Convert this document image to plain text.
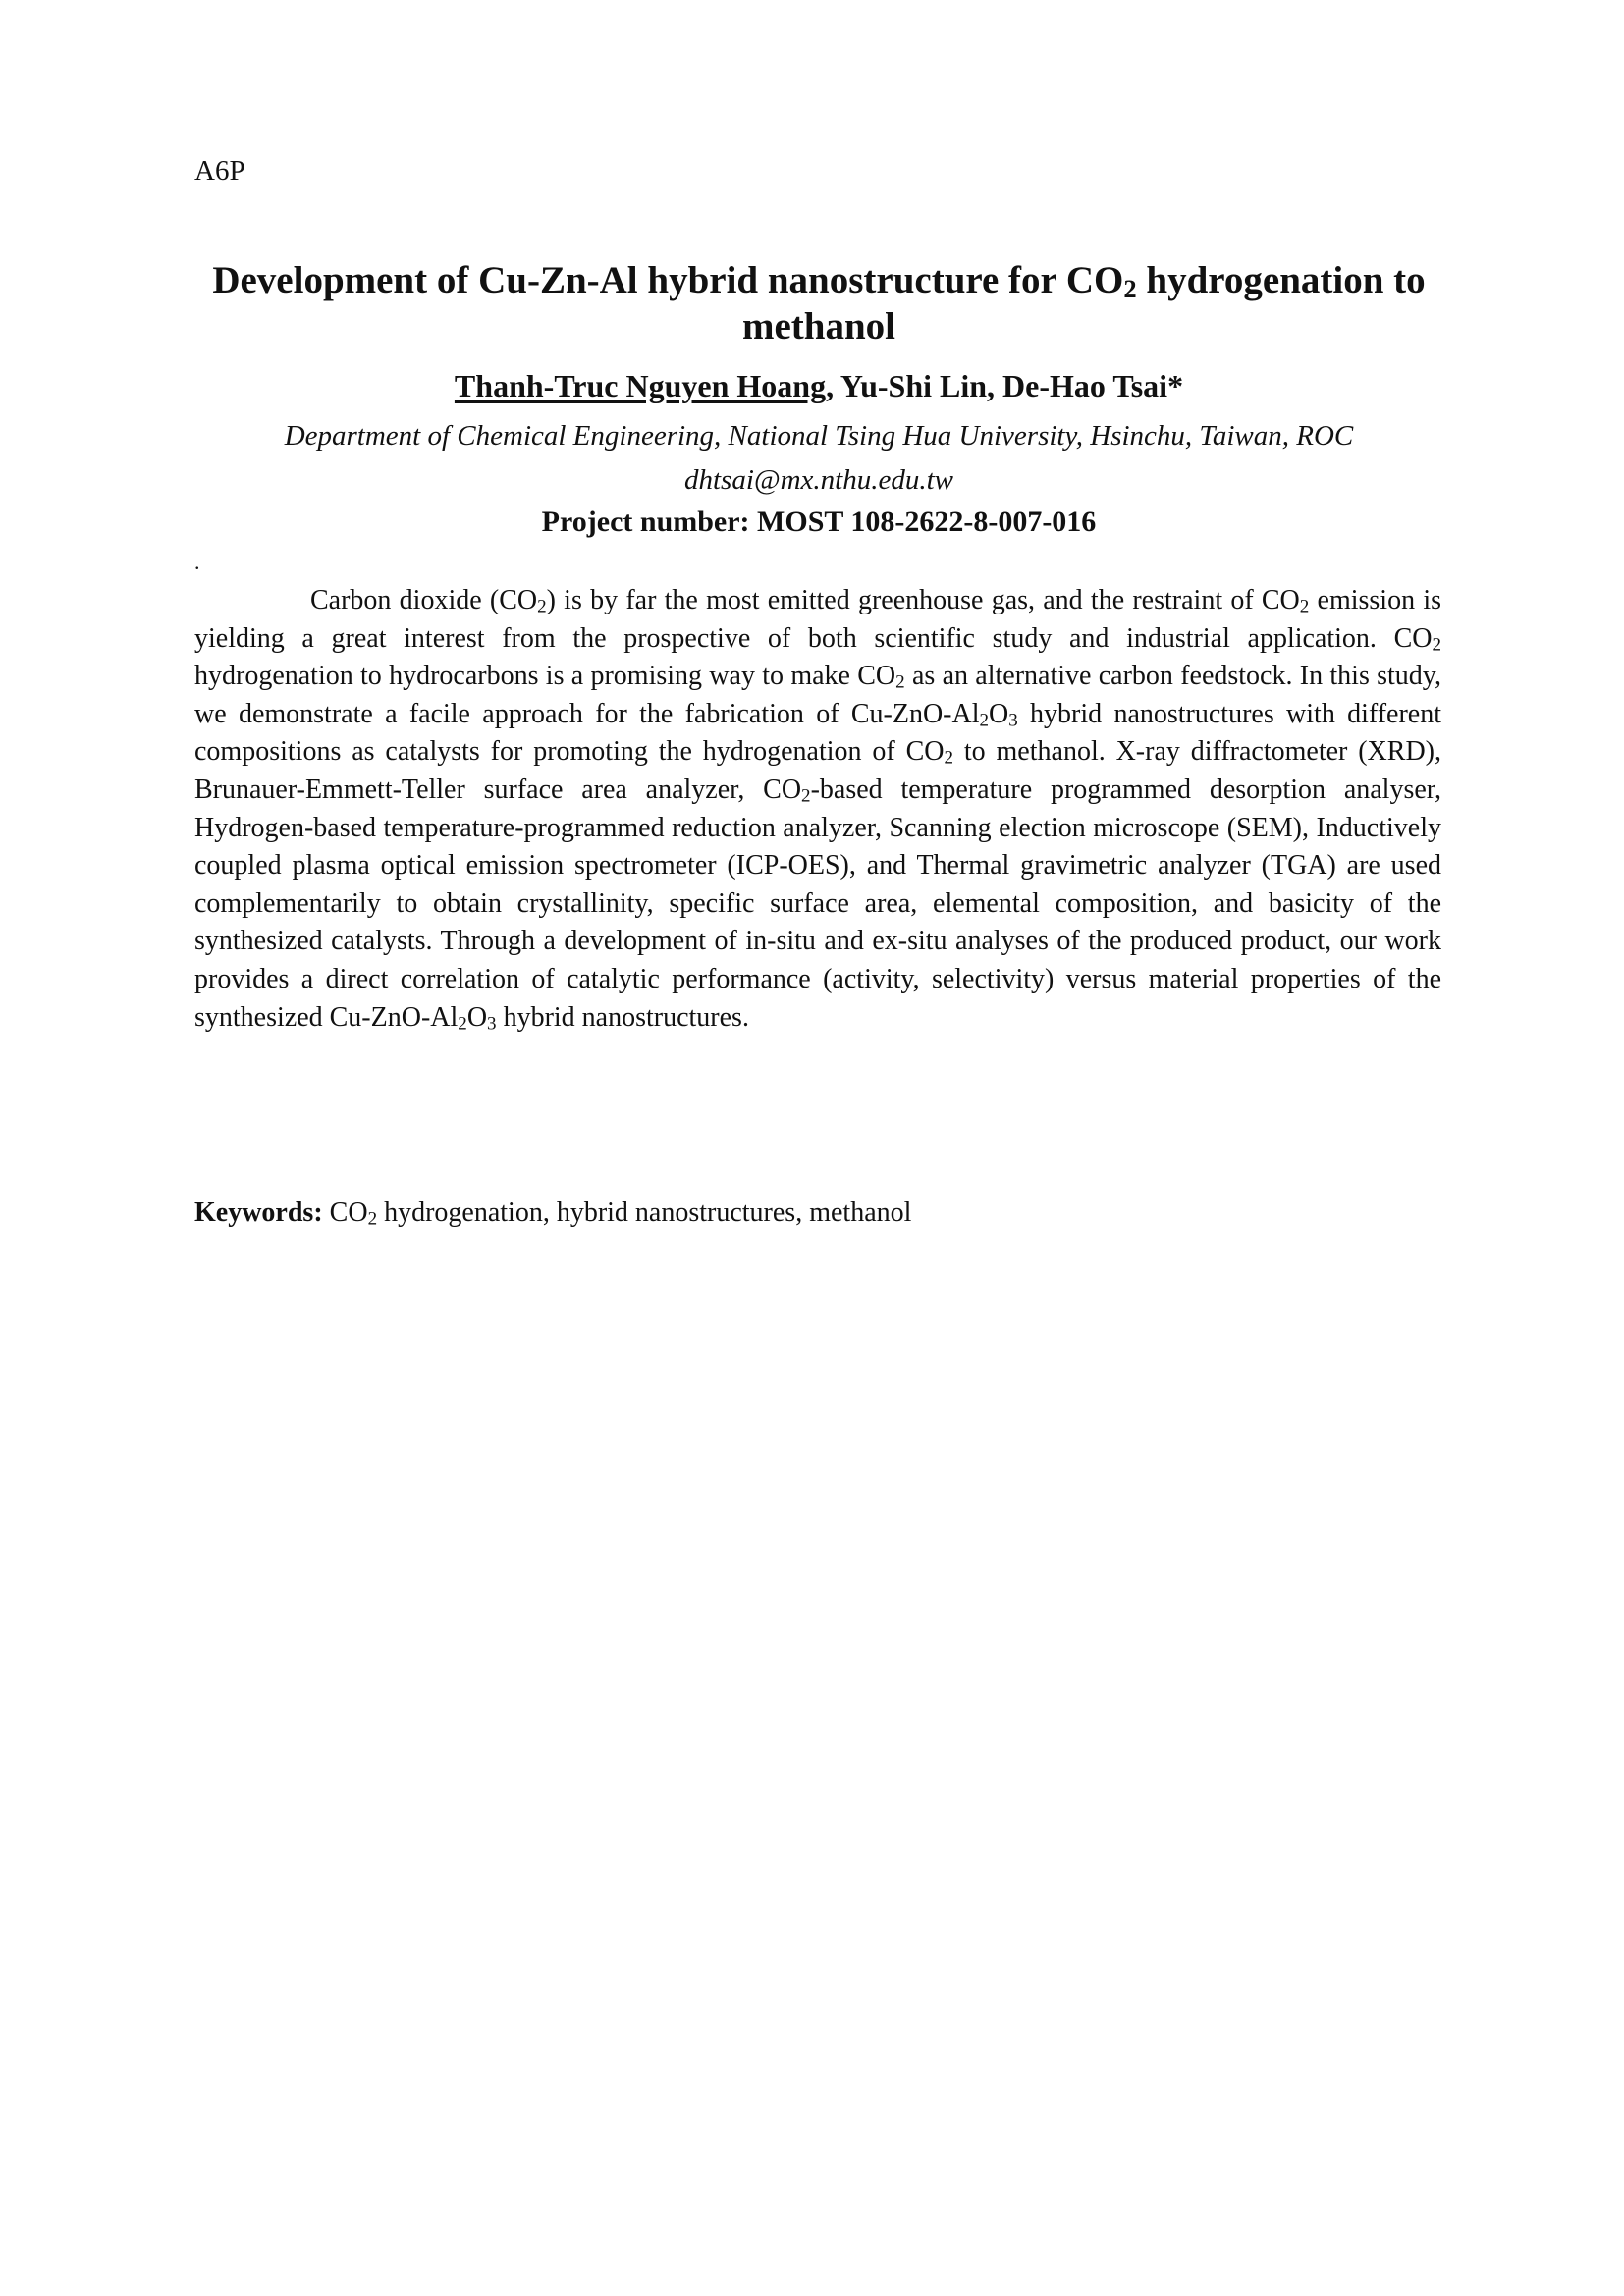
A6P
Development of Cu-Zn-Al hybrid nanostructure for $CO_2$ hydrogenation to methanol
Thanh-Truc Nguyen Hoang, Yu-Shi Lin, De-Hao Tsai*
Department of Chemical Engineering, National Tsing Hua University, Hsinchu, Taiwan, ROC
dhtsai@mx.nthu.edu.tw
Project number: MOST 108-2622-8-007-016
.

Carbon dioxide $(CO_2)$ is by far the most emitted greenhouse gas, and the restraint of $CO_2$ emission is yielding a great interest from the prospective of both scientific study and industrial application. $CO_2$ hydrogenation to hydrocarbons is a promising way to make $CO_2$ as an alternative carbon feedstock. In this study, we demonstrate a facile approach for the fabrication of $Cu-ZnO-Al_2O_3$ hybrid nanostructures with different compositions as catalysts for promoting the hydrogenation of $CO_2$ to methanol. X-ray diffractometer (XRD), Brunauer-Emmett-Teller surface area analyzer, $CO_2$-based temperature programmed desorption analyser, Hydrogen-based temperature-programmed reduction analyzer, Scanning election microscope (SEM), Inductively coupled plasma optical emission spectrometer (ICP-OES), and Thermal gravimetric analyzer (TGA) are used complementarily to obtain crystallinity, specific surface area, elemental composition, and basicity of the synthesized catalysts. Through a development of in-situ and ex-situ analyses of the produced product, our work provides a direct correlation of catalytic performance (activity, selectivity) versus material properties of the synthesized $Cu-ZnO-Al_2O_3$ hybrid nanostructures.

Keywords: $CO_2$ hydrogenation, hybrid nanostructures, methanol
